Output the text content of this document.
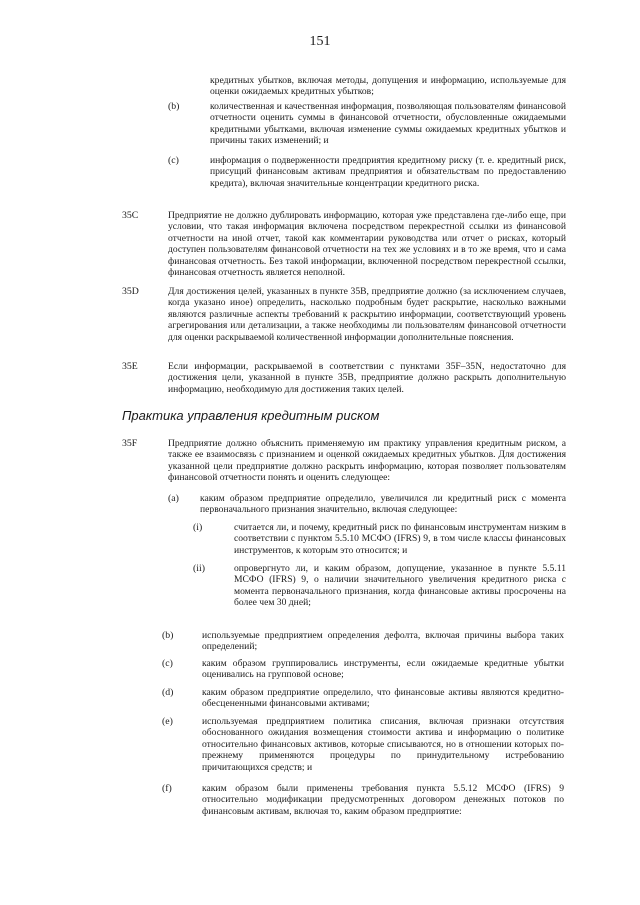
151
кредитных убытков, включая методы, допущения и информацию, используемые для оценки ожидаемых кредитных убытков;
(b)	количественная и качественная информация, позволяющая пользователям финансовой отчетности оценить суммы в финансовой отчетности, обусловленные ожидаемыми кредитными убытками, включая изменение суммы ожидаемых кредитных убытков и причины таких изменений; и
(c)	информация о подверженности предприятия кредитному риску (т. е. кредитный риск, присущий финансовым активам предприятия и обязательствам по предоставлению кредита), включая значительные концентрации кредитного риска.
35C	Предприятие не должно дублировать информацию, которая уже представлена где-либо еще, при условии, что такая информация включена посредством перекрестной ссылки из финансовой отчетности на иной отчет, такой как комментарии руководства или отчет о рисках, который доступен пользователям финансовой отчетности на тех же условиях и в то же время, что и сама финансовая отчетность. Без такой информации, включенной посредством перекрестной ссылки, финансовая отчетность является неполной.
35D	Для достижения целей, указанных в пункте 35B, предприятие должно (за исключением случаев, когда указано иное) определить, насколько подробным будет раскрытие, насколько важными являются различные аспекты требований к раскрытию информации, соответствующий уровень агрегирования или детализации, а также необходимы ли пользователям финансовой отчетности для оценки раскрываемой количественной информации дополнительные пояснения.
35E	Если информации, раскрываемой в соответствии с пунктами 35F–35N, недостаточно для достижения цели, указанной в пункте 35B, предприятие должно раскрыть дополнительную информацию, необходимую для достижения таких целей.
Практика управления кредитным риском
35F	Предприятие должно объяснить применяемую им практику управления кредитным риском, а также ее взаимосвязь с признанием и оценкой ожидаемых кредитных убытков. Для достижения указанной цели предприятие должно раскрыть информацию, которая позволяет пользователям финансовой отчетности понять и оценить следующее:
(a) каким образом предприятие определило, увеличился ли кредитный риск с момента первоначального признания значительно, включая следующее:
(i)	считается ли, и почему, кредитный риск по финансовым инструментам низким в соответствии с пунктом 5.5.10 МСФО (IFRS) 9, в том числе классы финансовых инструментов, к которым это относится; и
(ii)	опровергнуто ли, и каким образом, допущение, указанное в пункте 5.5.11 МСФО (IFRS) 9, о наличии значительного увеличения кредитного риска с момента первоначального признания, когда финансовые активы просрочены на более чем 30 дней;
(b)	используемые предприятием определения дефолта, включая причины выбора таких определений;
(c)	каким образом группировались инструменты, если ожидаемые кредитные убытки оценивались на групповой основе;
(d)	каким образом предприятие определило, что финансовые активы являются кредитно-обесцененными финансовыми активами;
(e)	используемая предприятием политика списания, включая признаки отсутствия обоснованного ожидания возмещения стоимости актива и информацию о политике относительно финансовых активов, которые списываются, но в отношении которых по-прежнему применяются процедуры по принудительному истребованию причитающихся средств; и
(f)	каким образом были применены требования пункта 5.5.12 МСФО (IFRS) 9 относительно модификации предусмотренных договором денежных потоков по финансовым активам, включая то, каким образом предприятие:
